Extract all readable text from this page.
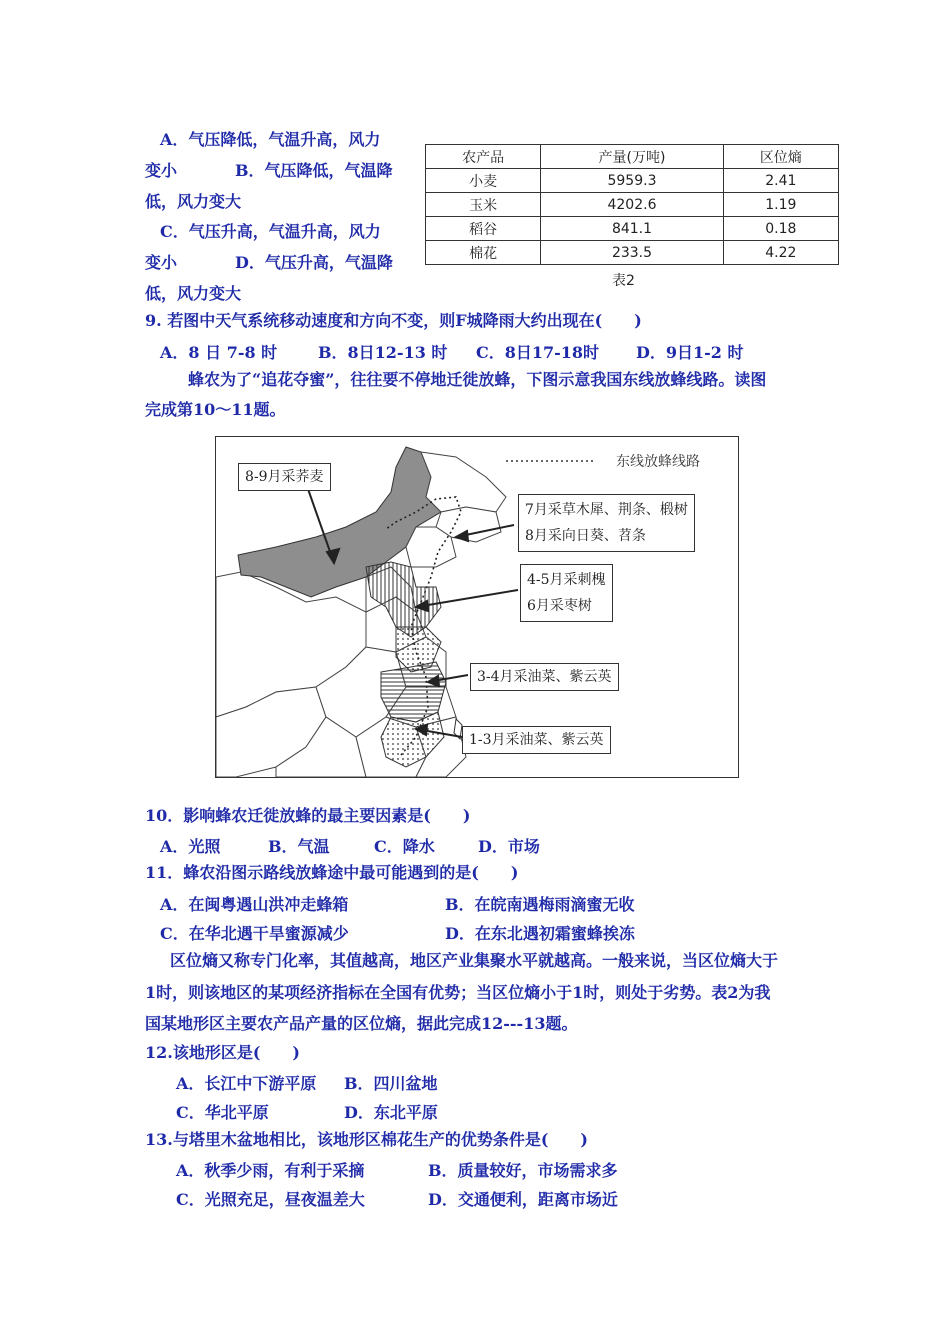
A．气压降低，气温升高，风力
变小	B．气压降低，气温降
低，风力变大
C．气压升高，气温升高，风力
变小	D．气压升高，气温降
低，风力变大
农产品	产量(万吨)	区位熵
小麦	5959.3	2.41
玉米	4202.6	1.19
稻谷	841.1	0.18
棉花	233.5	4.22
表2
9. 若图中天气系统移动速度和方向不变，则F城降雨大约出现在(　　)
A．8 日 7-8 时	B．8日12-13 时 C．8日17-18时 D．9日1-2 时
蜂农为了“追花夺蜜”，往往要不停地迁徙放蜂，下图示意我国东线放蜂线路。读图
完成第10～11题。
东线放蜂线路
8-9月采荞麦
7月采草木犀、荆条、椴树
8月采向日葵、苕条
4-5月采刺槐
6月采枣树
3-4月采油菜、紫云英
1-3月采油菜、紫云英
10．影响蜂农迁徙放蜂的最主要因素是(　　)
A．光照	B．气温	C．降水	D．市场
11．蜂农沿图示路线放蜂途中最可能遇到的是(　　)
A．在闽粤遇山洪冲走蜂箱	B．在皖南遇梅雨滴蜜无收
C．在华北遇干旱蜜源减少	D．在东北遇初霜蜜蜂挨冻
区位熵又称专门化率，其值越高，地区产业集聚水平就越高。一般来说，当区位熵大于
1时，则该地区的某项经济指标在全国有优势；当区位熵小于1时，则处于劣势。表2为我
国某地形区主要农产品产量的区位熵，据此完成12---13题。
12.该地形区是(　　)
A．长江中下游平原 B．四川盆地
C．华北平原	D．东北平原
13.与塔里木盆地相比，该地形区棉花生产的优势条件是(　　)
A．秋季少雨，有利于采摘	B．质量较好，市场需求多
C．光照充足，昼夜温差大	D．交通便利，距离市场近
